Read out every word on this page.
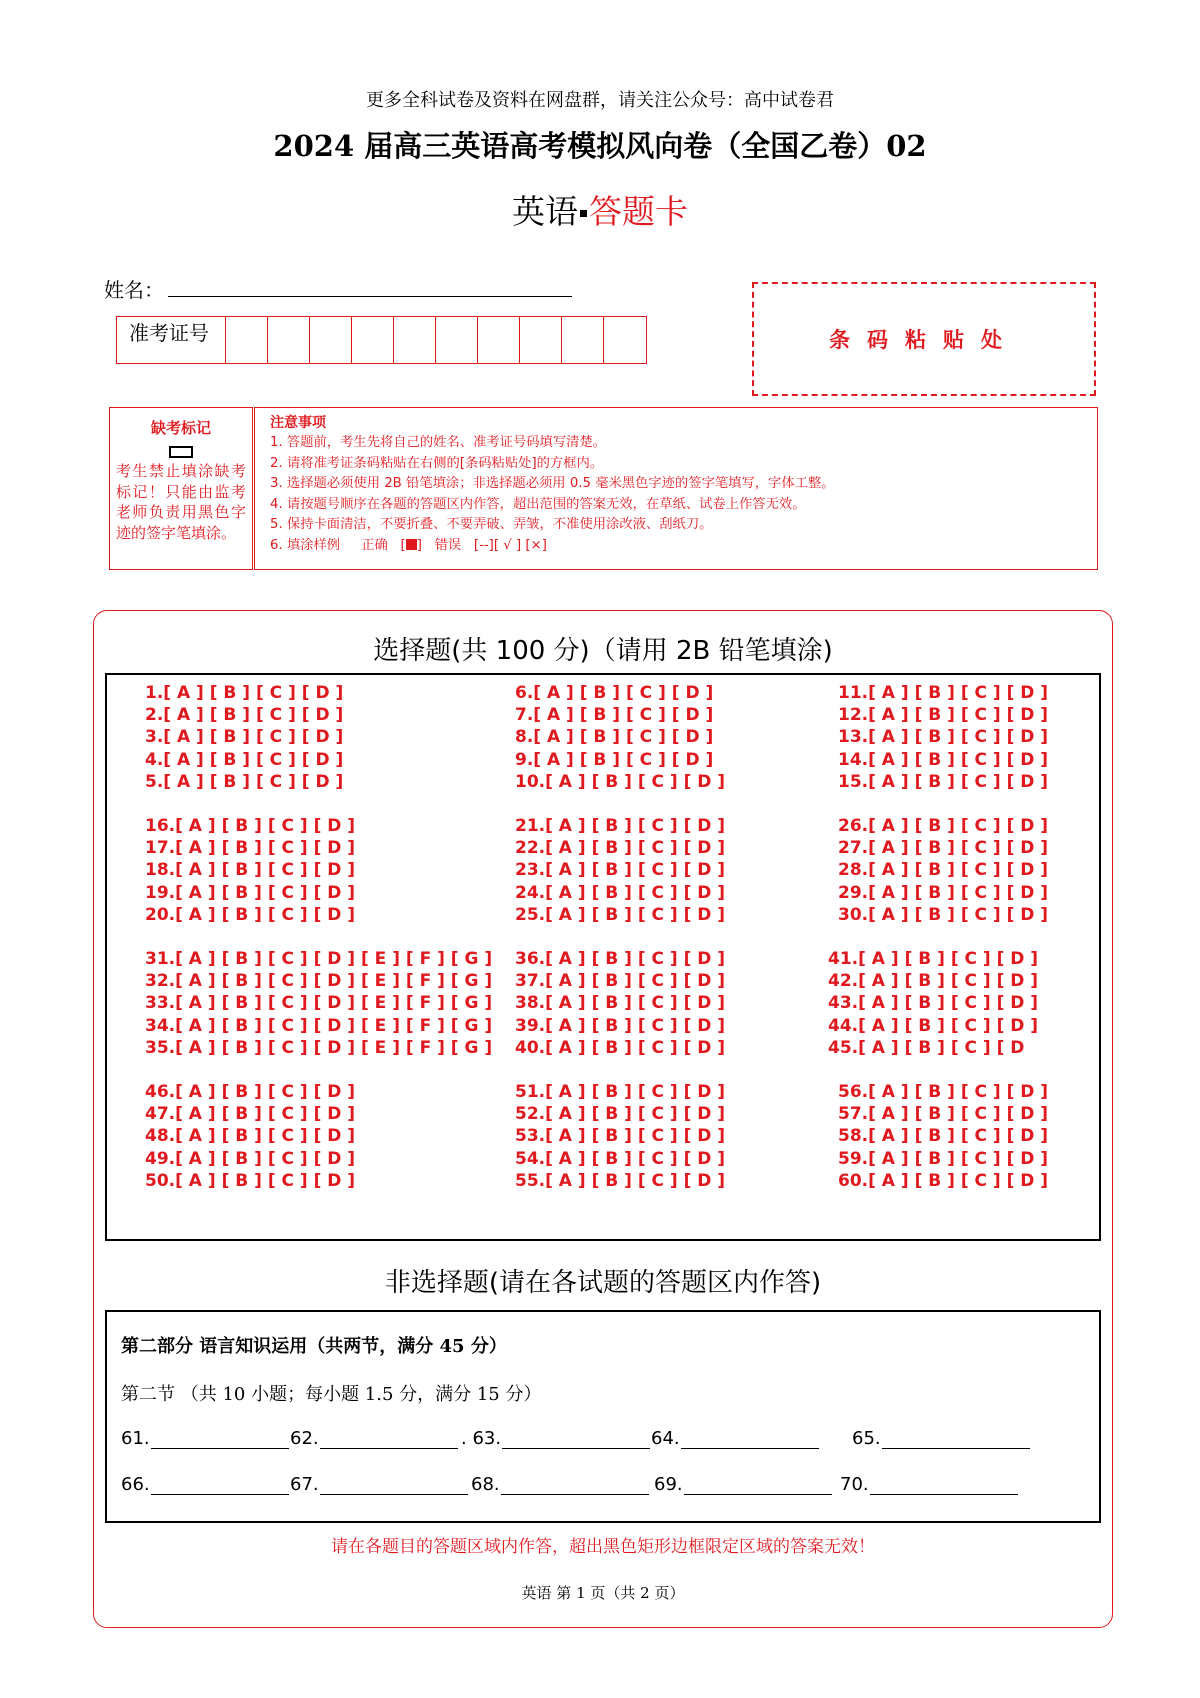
更多全科试卷及资料在网盘群，请关注公众号：高中试卷君
2024 届高三英语高考模拟风向卷（全国乙卷）02
英语 答题卡
姓名：
准考证号	条码粘贴处
缺考标记
考生禁止填涂缺考标记！只能由监考老师负责用黑色字迹的签字笔填涂。
注意事项
1. 答题前，考生先将自己的姓名、准考证号码填写清楚。
2. 请将准考证条码粘贴在右侧的[条码粘贴处]的方框内。
3. 选择题必须使用 2B 铅笔填涂；非选择题必须用 0.5 毫米黑色字迹的签字笔填写，字体工整。
4. 请按题号顺序在各题的答题区内作答，超出范围的答案无效，在草纸、试卷上作答无效。
5. 保持卡面清洁，不要折叠、不要弄破、弄皱，不准使用涂改液、刮纸刀。
6. 填涂样例 正确   [ ]   错误 [--][ √ ] [×]
选择题(共 100 分)（请用 2B 铅笔填涂)
1.[ A ] [ B ] [ C ] [ D ]	6.[ A ] [ B ] [ C ] [ D ]	11.[ A ] [ B ] [ C ] [ D ]
2.[ A ] [ B ] [ C ] [ D ]	7.[ A ] [ B ] [ C ] [ D ]	12.[ A ] [ B ] [ C ] [ D ]
3.[ A ] [ B ] [ C ] [ D ]	8.[ A ] [ B ] [ C ] [ D ]	13.[ A ] [ B ] [ C ] [ D ]
4.[ A ] [ B ] [ C ] [ D ]	9.[ A ] [ B ] [ C ] [ D ]	14.[ A ] [ B ] [ C ] [ D ]
5.[ A ] [ B ] [ C ] [ D ]	10.[ A ] [ B ] [ C ] [ D ]	15.[ A ] [ B ] [ C ] [ D ]
16.[ A ] [ B ] [ C ] [ D ]	21.[ A ] [ B ] [ C ] [ D ]	26.[ A ] [ B ] [ C ] [ D ]
17.[ A ] [ B ] [ C ] [ D ]	22.[ A ] [ B ] [ C ] [ D ]	27.[ A ] [ B ] [ C ] [ D ]
18.[ A ] [ B ] [ C ] [ D ]	23.[ A ] [ B ] [ C ] [ D ]	28.[ A ] [ B ] [ C ] [ D ]
19.[ A ] [ B ] [ C ] [ D ]	24.[ A ] [ B ] [ C ] [ D ]	29.[ A ] [ B ] [ C ] [ D ]
20.[ A ] [ B ] [ C ] [ D ]	25.[ A ] [ B ] [ C ] [ D ]	30.[ A ] [ B ] [ C ] [ D ]
31.[ A ] [ B ] [ C ] [ D ] [ E ] [ F ] [ G ] 36.[ A ] [ B ] [ C ] [ D ]	41.[ A ] [ B ] [ C ] [ D ]
32.[ A ] [ B ] [ C ] [ D ] [ E ] [ F ] [ G ] 37.[ A ] [ B ] [ C ] [ D ]	42.[ A ] [ B ] [ C ] [ D ]
33.[ A ] [ B ] [ C ] [ D ] [ E ] [ F ] [ G ] 38.[ A ] [ B ] [ C ] [ D ]	43.[ A ] [ B ] [ C ] [ D ]
34.[ A ] [ B ] [ C ] [ D ] [ E ] [ F ] [ G ] 39.[ A ] [ B ] [ C ] [ D ]	44.[ A ] [ B ] [ C ] [ D ]
35.[ A ] [ B ] [ C ] [ D ] [ E ] [ F ] [ G ] 40.[ A ] [ B ] [ C ] [ D ]	45.[ A ] [ B ] [ C ] [ D
46.[ A ] [ B ] [ C ] [ D ]	51.[ A ] [ B ] [ C ] [ D ]	56.[ A ] [ B ] [ C ] [ D ]
47.[ A ] [ B ] [ C ] [ D ]	52.[ A ] [ B ] [ C ] [ D ]	57.[ A ] [ B ] [ C ] [ D ]
48.[ A ] [ B ] [ C ] [ D ]	53.[ A ] [ B ] [ C ] [ D ]	58.[ A ] [ B ] [ C ] [ D ]
49.[ A ] [ B ] [ C ] [ D ]	54.[ A ] [ B ] [ C ] [ D ]	59.[ A ] [ B ] [ C ] [ D ]
50.[ A ] [ B ] [ C ] [ D ]	55.[ A ] [ B ] [ C ] [ D ]	60.[ A ] [ B ] [ C ] [ D ]
非选择题(请在各试题的答题区内作答)
第二部分 语言知识运用（共两节，满分 45 分）
第二节 （共 10 小题；每小题 1.5 分，满分 15 分）
61.	62.	. 63.	64.	65.
66.	67.	68.	69.	70.
请在各题目的答题区域内作答，超出黑色矩形边框限定区域的答案无效！
英语 第 1 页（共 2 页）
